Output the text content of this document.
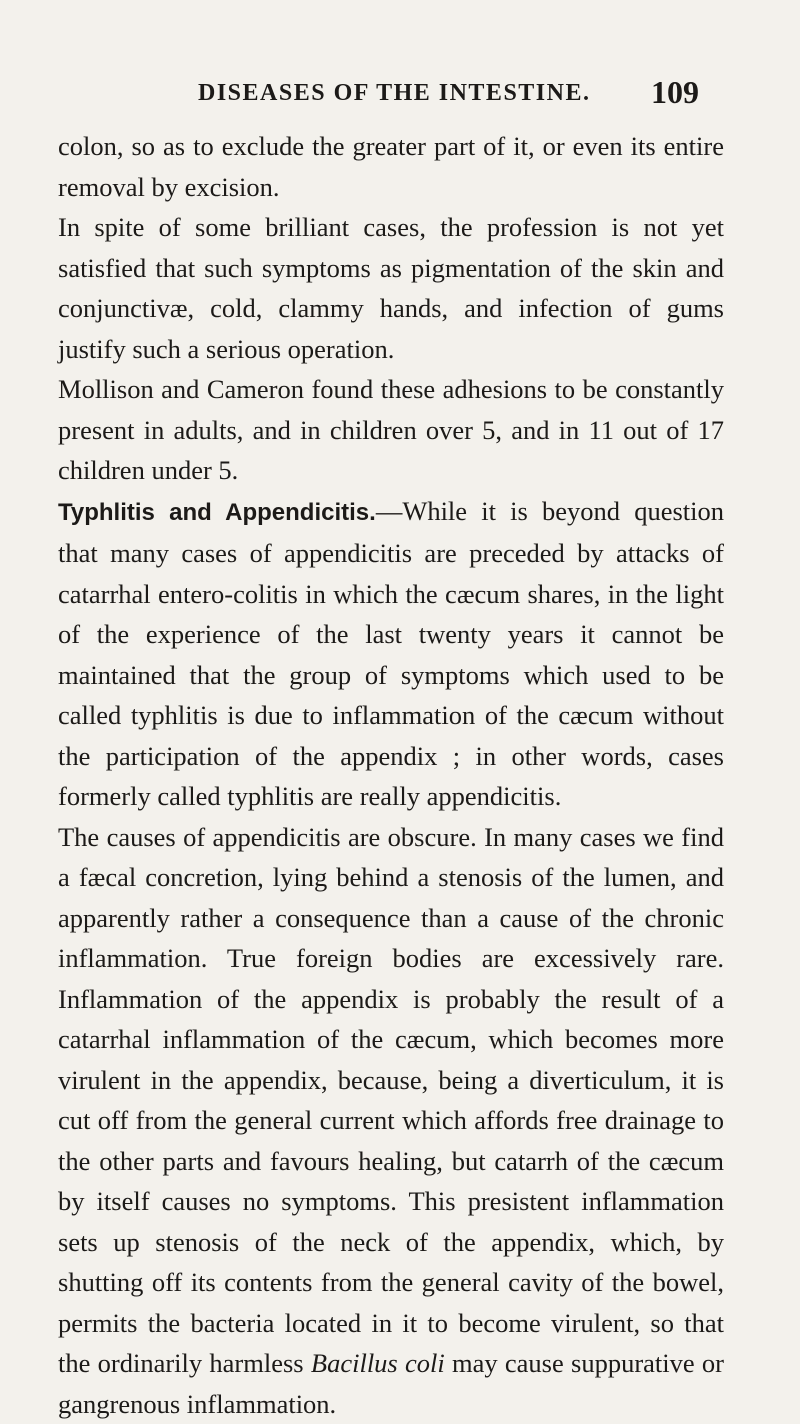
DISEASES OF THE INTESTINE. 109

colon, so as to exclude the greater part of it, or even its entire removal by excision.

In spite of some brilliant cases, the profession is not yet satisfied that such symptoms as pigmentation of the skin and conjunctivæ, cold, clammy hands, and infection of gums justify such a serious operation.

Mollison and Cameron found these adhesions to be constantly present in adults, and in children over 5, and in 11 out of 17 children under 5.

Typhlitis and Appendicitis.—While it is beyond question that many cases of appendicitis are preceded by attacks of catarrhal entero-colitis in which the cæcum shares, in the light of the experience of the last twenty years it cannot be maintained that the group of symptoms which used to be called typhlitis is due to inflammation of the cæcum without the participation of the appendix ; in other words, cases formerly called typhlitis are really appendicitis.

The causes of appendicitis are obscure. In many cases we find a fæcal concretion, lying behind a stenosis of the lumen, and apparently rather a consequence than a cause of the chronic inflammation. True foreign bodies are excessively rare. Inflammation of the appendix is probably the result of a catarrhal inflammation of the cæcum, which becomes more virulent in the appendix, because, being a diverticulum, it is cut off from the general current which affords free drainage to the other parts and favours healing, but catarrh of the cæcum by itself causes no symptoms. This presistent inflammation sets up stenosis of the neck of the appendix, which, by shutting off its contents from the general cavity of the bowel, permits the bacteria located in it to become virulent, so that the ordinarily harmless Bacillus coli may cause suppurative or gangrenous inflammation.
